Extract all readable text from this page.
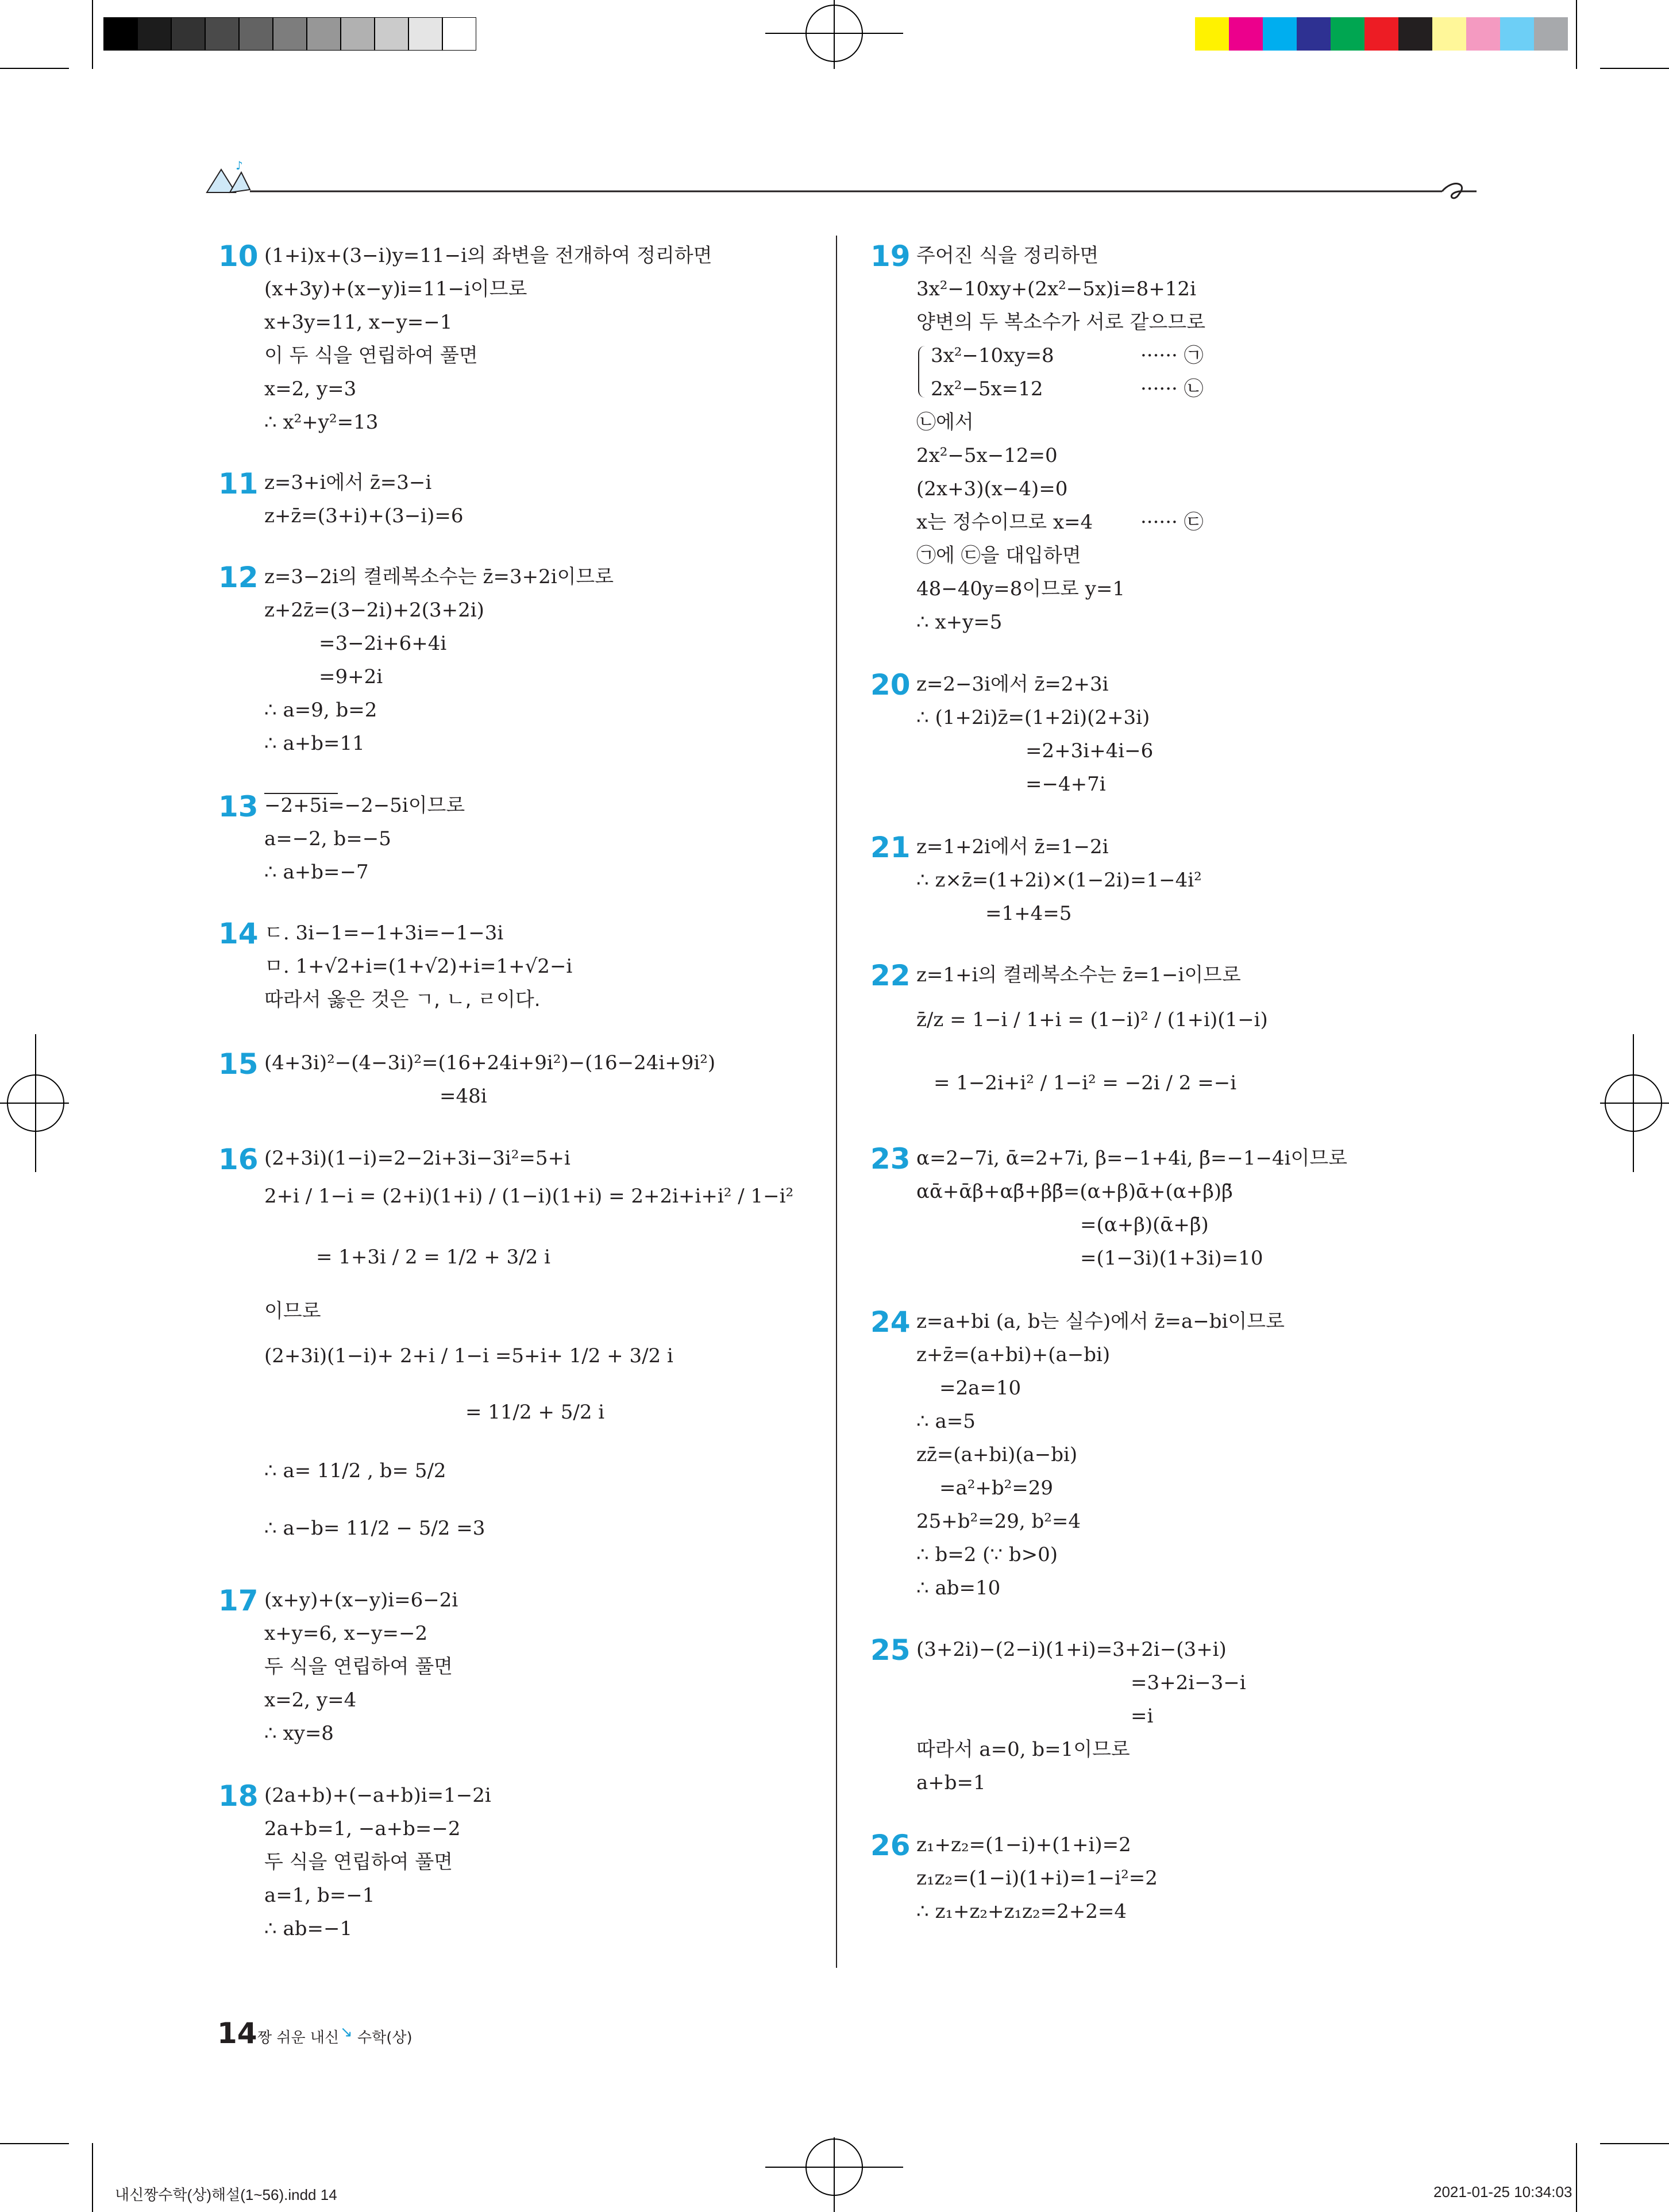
♪
10 (1+i)x+(3−i)y=11−i의 좌변을 전개하여 정리하면
(x+3y)+(x−y)i=11−i이므로
x+3y=11, x−y=−1
이 두 식을 연립하여 풀면
x=2, y=3
∴ x²+y²=13
11 z=3+i에서 z̄=3−i
z+z̄=(3+i)+(3−i)=6
12 z=3−2i의 켤레복소수는 z̄=3+2i이므로
z+2z̄=(3−2i)+2(3+2i)
=3−2i+6+4i
=9+2i
∴ a=9, b=2
∴ a+b=11
13 −2+5i=−2−5i이므로
a=−2, b=−5
∴ a+b=−7
14 ㄷ. 3i−1=−1+3i=−1−3i
ㅁ. 1+√2+i=(1+√2)+i=1+√2−i
따라서 옳은 것은 ㄱ, ㄴ, ㄹ이다.
15 (4+3i)²−(4−3i)²=(16+24i+9i²)−(16−24i+9i²)
=48i
16 (2+3i)(1−i)=2−2i+3i−3i²=5+i
2+i / 1−i = (2+i)(1+i) / (1−i)(1+i) = 2+2i+i+i² / 1−i²
= 1+3i / 2 = 1/2 + 3/2 i
이므로
(2+3i)(1−i)+ 2+i / 1−i =5+i+ 1/2 + 3/2 i
= 11/2 + 5/2 i
∴ a= 11/2 , b= 5/2
∴ a−b= 11/2 − 5/2 =3
17 (x+y)+(x−y)i=6−2i
x+y=6, x−y=−2
두 식을 연립하여 풀면
x=2, y=4
∴ xy=8
18 (2a+b)+(−a+b)i=1−2i
2a+b=1, −a+b=−2
두 식을 연립하여 풀면
a=1, b=−1
∴ ab=−1
19 주어진 식을 정리하면
3x²−10xy+(2x²−5x)i=8+12i
양변의 두 복소수가 서로 같으므로
3x²−10xy=8	······ ㉠
2x²−5x=12	······ ㉡
㉡에서
2x²−5x−12=0
(2x+3)(x−4)=0
x는 정수이므로 x=4 ······ ㉢
㉠에 ㉢을 대입하면
48−40y=8이므로 y=1
∴ x+y=5
20 z=2−3i에서 z̄=2+3i
∴ (1+2i)z̄=(1+2i)(2+3i)
=2+3i+4i−6
=−4+7i
21 z=1+2i에서 z̄=1−2i
∴ z×z̄=(1+2i)×(1−2i)=1−4i²
=1+4=5
22 z=1+i의 켤레복소수는 z̄=1−i이므로
z̄/z = 1−i / 1+i = (1−i)² / (1+i)(1−i)
= 1−2i+i² / 1−i² = −2i / 2 =−i
23 α=2−7i, ᾱ=2+7i, β=−1+4i, β̄=−1−4i이므로
αᾱ+ᾱβ+αβ̄+ββ̄=(α+β)ᾱ+(α+β)β̄
=(α+β)(ᾱ+β̄)
=(1−3i)(1+3i)=10
24 z=a+bi (a, b는 실수)에서 z̄=a−bi이므로
z+z̄=(a+bi)+(a−bi)
=2a=10
∴ a=5
zz̄=(a+bi)(a−bi)
=a²+b²=29
25+b²=29, b²=4
∴ b=2 (∵ b>0)
∴ ab=10
25 (3+2i)−(2−i)(1+i)=3+2i−(3+i)
=3+2i−3−i
=i
따라서 a=0, b=1이므로
a+b=1
26 z₁+z₂=(1−i)+(1+i)=2
z₁z₂=(1−i)(1+i)=1−i²=2
∴ z₁+z₂+z₁z₂=2+2=4
14 짱 쉬운 내신 ↘ 수학(상)
내신짱수학(상)해설(1~56).indd 14	2021-01-25 10:34:03
